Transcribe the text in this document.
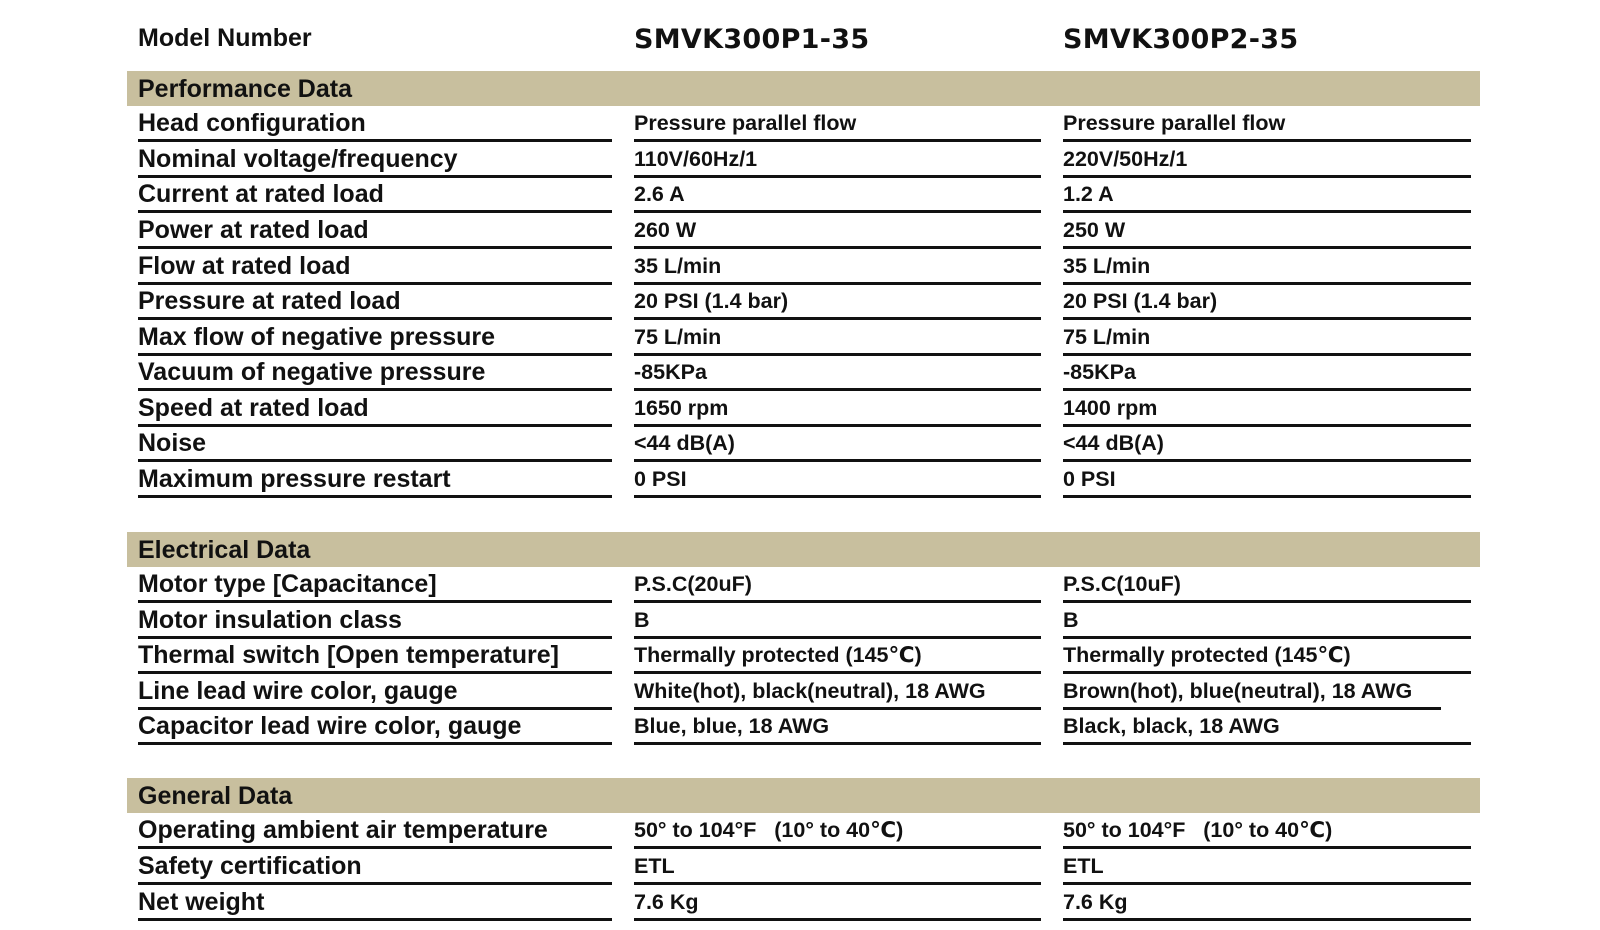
Model Number	SMVK300P1-35	SMVK300P2-35
Performance Data
Head configuration	Pressure parallel flow	Pressure parallel flow
Nominal voltage/frequency	110V/60Hz/1	220V/50Hz/1
Current at rated load	2.6 A	1.2 A
Power at rated load	260 W	250 W
Flow at rated load	35 L/min	35 L/min
Pressure at rated load	20 PSI (1.4 bar)	20 PSI (1.4 bar)
Max flow of negative pressure	75 L/min	75 L/min
Vacuum of negative pressure	-85KPa	-85KPa
Speed at rated load	1650 rpm	1400 rpm
Noise	<44 dB(A)	<44 dB(A)
Maximum pressure restart	0 PSI	0 PSI
Electrical Data
Motor type [Capacitance]	P.S.C(20uF)	P.S.C(10uF)
Motor insulation class	B	B
Thermal switch [Open temperature]	Thermally protected (145℃)	Thermally protected (145℃)
Line lead wire color, gauge	White(hot), black(neutral), 18 AWG	Brown(hot), blue(neutral), 18 AWG
Capacitor lead wire color, gauge	Blue, blue, 18 AWG	Black, black, 18 AWG
General Data
Operating ambient air temperature	50° to 104°F   (10° to 40℃)	50° to 104°F   (10° to 40℃)
Safety certification	ETL	ETL
Net weight	7.6 Kg	7.6 Kg
